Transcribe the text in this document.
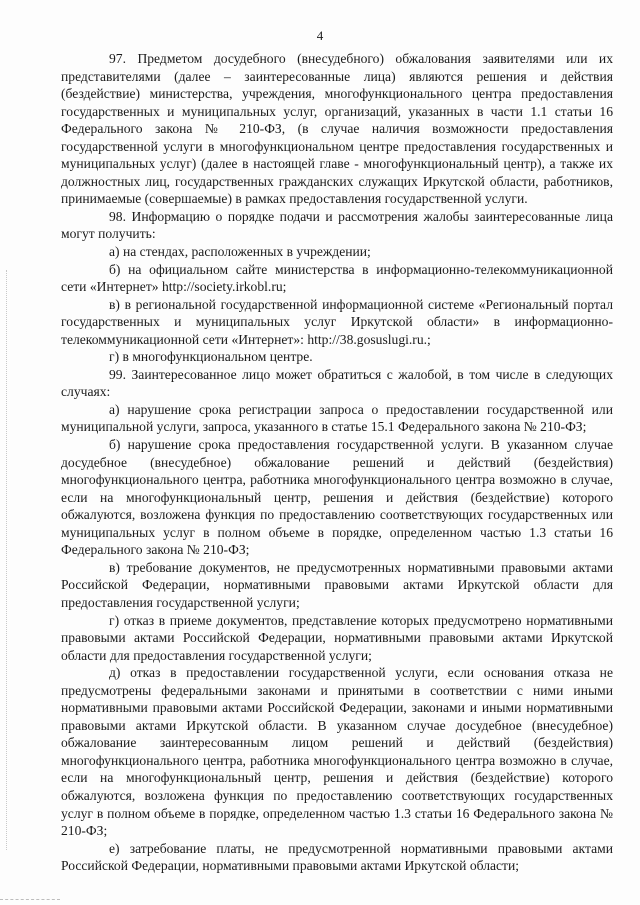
4

97. Предметом досудебного (внесудебного) обжалования заявителями или их представителями (далее – заинтересованные лица) являются решения и действия (бездействие) министерства, учреждения, многофункционального центра предоставления государственных и муниципальных услуг, организаций, указанных в части 1.1 статьи 16 Федерального закона № 210-ФЗ, (в случае наличия возможности предоставления государственной услуги в многофункциональном центре предоставления государственных и муниципальных услуг) (далее в настоящей главе - многофункциональный центр), а также их должностных лиц, государственных гражданских служащих Иркутской области, работников, принимаемые (совершаемые) в рамках предоставления государственной услуги.

98. Информацию о порядке подачи и рассмотрения жалобы заинтересованные лица могут получить:

а) на стендах, расположенных в учреждении;

б) на официальном сайте министерства в информационно-телекоммуникационной сети «Интернет» http://society.irkobl.ru;

в) в региональной государственной информационной системе «Региональный портал государственных и муниципальных услуг Иркутской области» в информационно-телекоммуникационной сети «Интернет»: http://38.gosuslugi.ru.;

г) в многофункциональном центре.

99. Заинтересованное лицо может обратиться с жалобой, в том числе в следующих случаях:

а) нарушение срока регистрации запроса о предоставлении государственной или муниципальной услуги, запроса, указанного в статье 15.1 Федерального закона № 210-ФЗ;

б) нарушение срока предоставления государственной услуги. В указанном случае досудебное (внесудебное) обжалование решений и действий (бездействия) многофункционального центра, работника многофункционального центра возможно в случае, если на многофункциональный центр, решения и действия (бездействие) которого обжалуются, возложена функция по предоставлению соответствующих государственных или муниципальных услуг в полном объеме в порядке, определенном частью 1.3 статьи 16 Федерального закона № 210-ФЗ;

в) требование документов, не предусмотренных нормативными правовыми актами Российской Федерации, нормативными правовыми актами Иркутской области для предоставления государственной услуги;

г) отказ в приеме документов, представление которых предусмотрено нормативными правовыми актами Российской Федерации, нормативными правовыми актами Иркутской области для предоставления государственной услуги;

д) отказ в предоставлении государственной услуги, если основания отказа не предусмотрены федеральными законами и принятыми в соответствии с ними иными нормативными правовыми актами Российской Федерации, законами и иными нормативными правовыми актами Иркутской области. В указанном случае досудебное (внесудебное) обжалование заинтересованным лицом решений и действий (бездействия) многофункционального центра, работника многофункционального центра возможно в случае, если на многофункциональный центр, решения и действия (бездействие) которого обжалуются, возложена функция по предоставлению соответствующих государственных услуг в полном объеме в порядке, определенном частью 1.3 статьи 16 Федерального закона № 210-ФЗ;

е) затребование платы, не предусмотренной нормативными правовыми актами Российской Федерации, нормативными правовыми актами Иркутской области;
